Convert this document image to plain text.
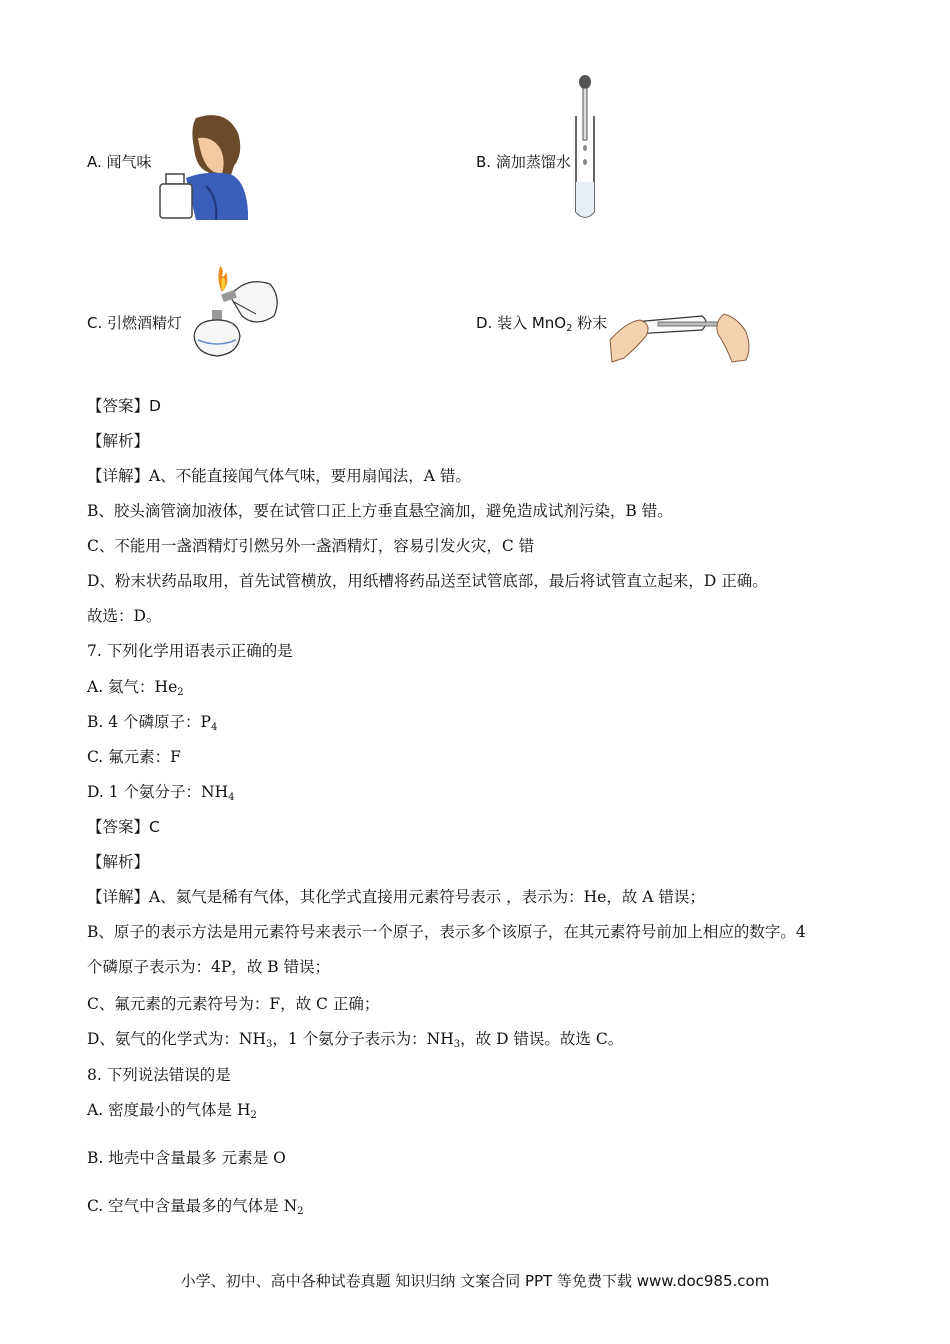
A. 闻气味	B. 滴加蒸馏水
C. 引燃酒精灯	D. 装入 MnO$_2$ 粉末
【答案】D
【解析】
【详解】A、不能直接闻气体气味，要用扇闻法，A 错。
B、胶头滴管滴加液体，要在试管口正上方垂直悬空滴加，避免造成试剂污染，B 错。
C、不能用一盏酒精灯引燃另外一盏酒精灯，容易引发火灾，C 错
D、粉末状药品取用，首先试管横放，用纸槽将药品送至试管底部，最后将试管直立起来，D 正确。
故选：D。
7. 下列化学用语表示正确的是
A. 氦气：$He_2$
B. 4 个磷原子：$P_4$
C. 氟元素：F
D. 1 个氨分子：$NH_4$
【答案】C
【解析】
【详解】A、氦气是稀有气体，其化学式直接用元素符号表示 ，表示为：He，故 A 错误；
B、原子的表示方法是用元素符号来表示一个原子，表示多个该原子，在其元素符号前加上相应的数字。4
个磷原子表示为：4P，故 B 错误；
C、氟元素的元素符号为：F，故 C 正确；
D、氨气的化学式为：$NH_3$，1 个氨分子表示为：$NH_3$，故 D 错误。故选 C。
8. 下列说法错误的是
A. 密度最小的气体是 $H_2$
B. 地壳中含量最多 元素是 O
C. 空气中含量最多的气体是 $N_2$
小学、初中、高中各种试卷真题 知识归纳 文案合同 PPT 等免费下载 www.doc985.com
